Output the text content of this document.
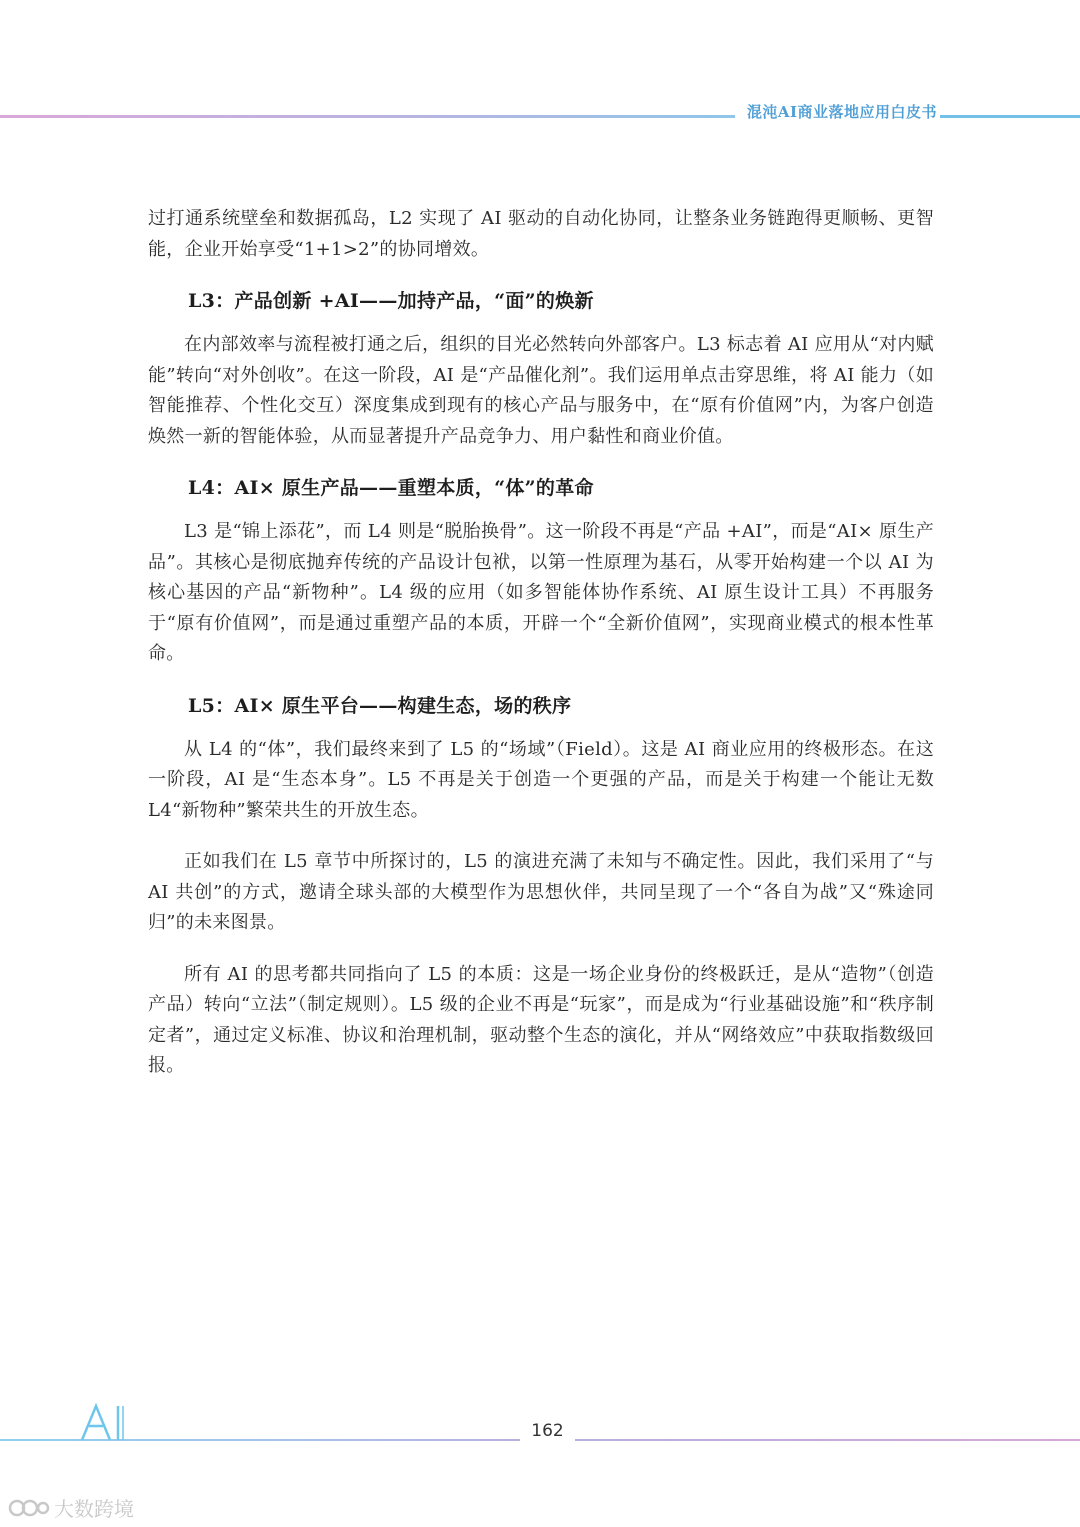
混沌AI商业落地应用白皮书

过打通系统壁垒和数据孤岛，L2 实现了 AI 驱动的自动化协同，让整条业务链跑得更顺畅、更智能，企业开始享受“1+1>2”的协同增效。

L3：产品创新 +AI——加持产品，“面”的焕新

在内部效率与流程被打通之后，组织的目光必然转向外部客户。L3 标志着 AI 应用从“对内赋能”转向“对外创收”。在这一阶段，AI 是“产品催化剂”。我们运用单点击穿思维，将 AI 能力（如智能推荐、个性化交互）深度集成到现有的核心产品与服务中，在“原有价值网”内，为客户创造焕然一新的智能体验，从而显著提升产品竞争力、用户黏性和商业价值。

L4：AI× 原生产品——重塑本质，“体”的革命

L3 是“锦上添花”，而 L4 则是“脱胎换骨”。这一阶段不再是“产品 +AI”，而是“AI× 原生产品”。其核心是彻底抛弃传统的产品设计包袱，以第一性原理为基石，从零开始构建一个以 AI 为核心基因的产品“新物种”。L4 级的应用（如多智能体协作系统、AI 原生设计工具）不再服务于“原有价值网”，而是通过重塑产品的本质，开辟一个“全新价值网”，实现商业模式的根本性革命。

L5：AI× 原生平台——构建生态，场的秩序

从 L4 的“体”，我们最终来到了 L5 的“场域”（Field）。这是 AI 商业应用的终极形态。在这一阶段，AI 是“生态本身”。L5 不再是关于创造一个更强的产品，而是关于构建一个能让无数 L4“新物种”繁荣共生的开放生态。

正如我们在 L5 章节中所探讨的，L5 的演进充满了未知与不确定性。因此，我们采用了“与 AI 共创”的方式，邀请全球头部的大模型作为思想伙伴，共同呈现了一个“各自为战”又“殊途同归”的未来图景。

所有 AI 的思考都共同指向了 L5 的本质：这是一场企业身份的终极跃迁，是从“造物”（创造产品）转向“立法”（制定规则）。L5 级的企业不再是“玩家”，而是成为“行业基础设施”和“秩序制定者”，通过定义标准、协议和治理机制，驱动整个生态的演化，并从“网络效应”中获取指数级回报。

162
大数跨境
